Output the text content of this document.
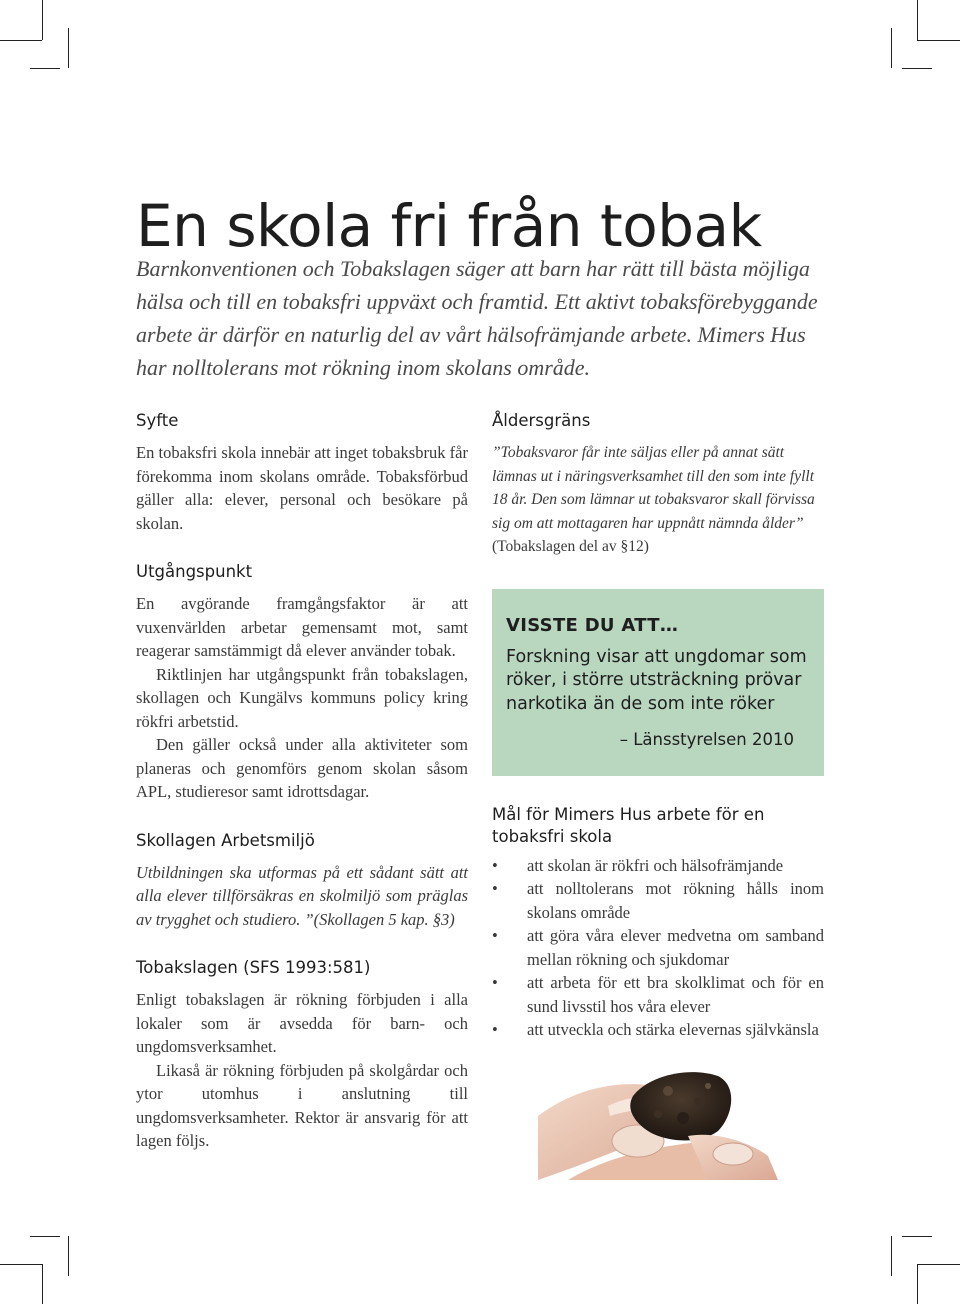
En skola fri från tobak

Barnkonventionen och Tobakslagen säger att barn har rätt till bästa möjliga hälsa och till en tobaksfri uppväxt och framtid. Ett aktivt tobaksförebyggande arbete är därför en naturlig del av vårt hälsofrämjande arbete. Mimers Hus har nolltolerans mot rökning inom skolans område.

Syfte

En tobaksfri skola innebär att inget tobaksbruk får förekomma inom skolans område. Tobaksförbud gäller alla: elever, personal och besökare på skolan.

Utgångspunkt

En avgörande framgångsfaktor är att vuxenvärlden arbetar gemensamt mot, samt reagerar samstämmigt då elever använder tobak.

Riktlinjen har utgångspunkt från tobakslagen, skollagen och Kungälvs kommuns policy kring rökfri arbetstid.

Den gäller också under alla aktiviteter som planeras och genomförs genom skolan såsom APL, studieresor samt idrottsdagar.

Skollagen Arbetsmiljö

Utbildningen ska utformas på ett sådant sätt att alla elever tillförsäkras en skolmiljö som präglas av trygghet och studiero. ”(Skollagen 5 kap. §3)

Tobakslagen (SFS 1993:581)

Enligt tobakslagen är rökning förbjuden i alla lokaler som är avsedda för barn- och ungdomsverksamhet.

Likaså är rökning förbjuden på skolgårdar och ytor utomhus i anslutning till ungdomsverksamheter. Rektor är ansvarig för att lagen följs.

Åldersgräns

”Tobaksvaror får inte säljas eller på annat sätt lämnas ut i näringsverksamhet till den som inte fyllt 18 år. Den som lämnar ut tobaksvaror skall förvissa sig om att mottagaren har uppnått nämnda ålder” (Tobakslagen del av §12)

VISSTE DU ATT…

Forskning visar att ungdomar som röker, i större utsträckning prövar narkotika än de som inte röker

– Länsstyrelsen 2010

Mål för Mimers Hus arbete för en tobaksfri skola
• att skolan är rökfri och hälsofrämjande
• att nolltolerans mot rökning hålls inom skolans område
• att göra våra elever medvetna om samband mellan rökning och sjukdomar
• att arbeta för ett bra skolklimat och för en sund livsstil hos våra elever
• att utveckla och stärka elevernas självkänsla
